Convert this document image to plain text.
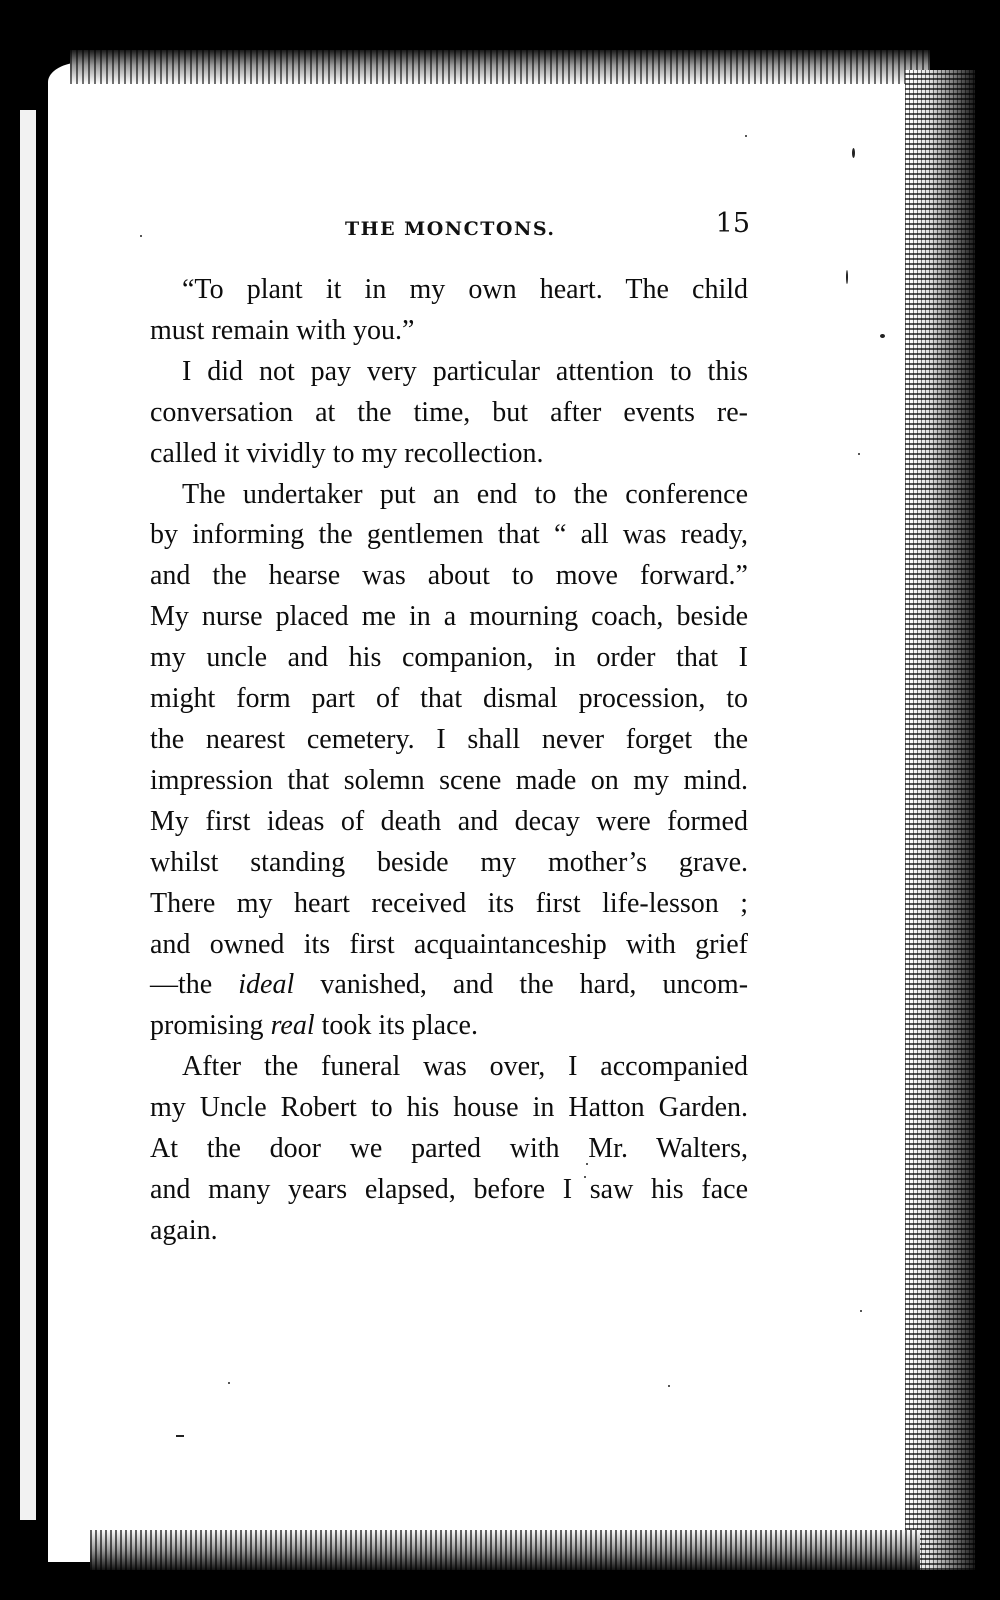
THE MONCTONS.	15
“To plant it in my own heart. The child
must remain with you.”
I did not pay very particular attention to this
conversation at the time, but after events re-
called it vividly to my recollection.
The undertaker put an end to the conference
by informing the gentlemen that “ all was ready,
and the hearse was about to move forward.”
My nurse placed me in a mourning coach, beside
my uncle and his companion, in order that I
might form part of that dismal procession, to
the nearest cemetery. I shall never forget the
impression that solemn scene made on my mind.
My first ideas of death and decay were formed
whilst standing beside my mother’s grave.
There my heart received its first life-lesson ;
and owned its first acquaintanceship with grief
—the ideal vanished, and the hard, uncom-
promising real took its place.
After the funeral was over, I accompanied
my Uncle Robert to his house in Hatton Garden.
At the door we parted with Mr. Walters,
and many years elapsed, before I saw his face
again.
